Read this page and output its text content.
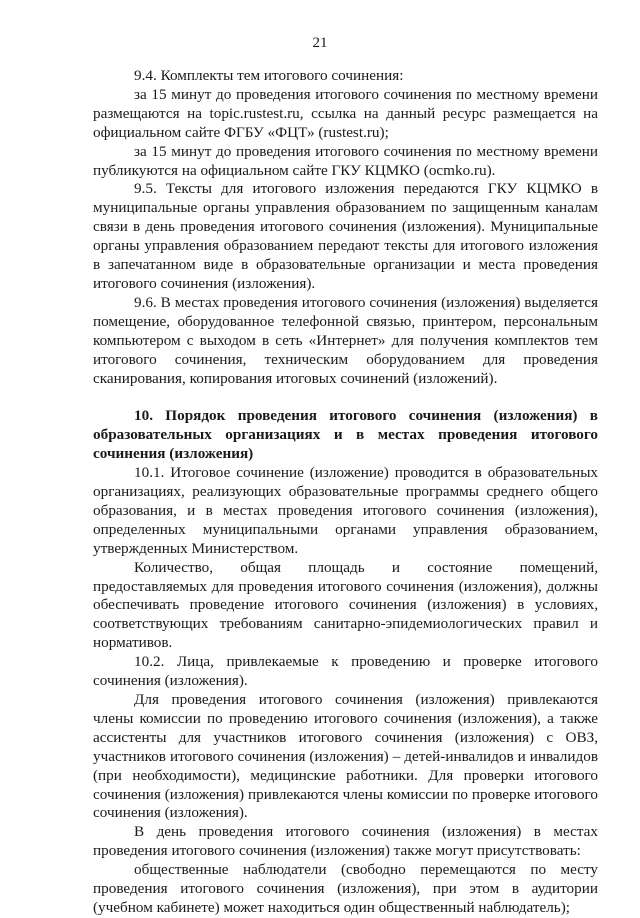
21

9.4. Комплекты тем итогового сочинения:

за 15 минут до проведения итогового сочинения по местному времени размещаются на topic.rustest.ru, ссылка на данный ресурс размещается на официальном сайте ФГБУ «ФЦТ» (rustest.ru);

за 15 минут до проведения итогового сочинения по местному времени публикуются на официальном сайте ГКУ КЦМКО (ocmko.ru).

9.5. Тексты для итогового изложения передаются ГКУ КЦМКО в муниципальные органы управления образованием по защищенным каналам связи в день проведения итогового сочинения (изложения). Муниципальные органы управления образованием передают тексты для итогового изложения в запечатанном виде в образовательные организации и места проведения итогового сочинения (изложения).

9.6. В местах проведения итогового сочинения (изложения) выделяется помещение, оборудованное телефонной связью, принтером, персональным компьютером с выходом в сеть «Интернет» для получения комплектов тем итогового сочинения, техническим оборудованием для проведения сканирования, копирования итоговых сочинений (изложений).

10. Порядок проведения итогового сочинения (изложения) в образовательных организациях и в местах проведения итогового сочинения (изложения)

10.1. Итоговое сочинение (изложение) проводится в образовательных организациях, реализующих образовательные программы среднего общего образования, и в местах проведения итогового сочинения (изложения), определенных муниципальными органами управления образованием, утвержденных Министерством.

Количество, общая площадь и состояние помещений, предоставляемых для проведения итогового сочинения (изложения), должны обеспечивать проведение итогового сочинения (изложения) в условиях, соответствующих требованиям санитарно-эпидемиологических правил и нормативов.

10.2. Лица, привлекаемые к проведению и проверке итогового сочинения (изложения).

Для проведения итогового сочинения (изложения) привлекаются члены комиссии по проведению итогового сочинения (изложения), а также ассистенты для участников итогового сочинения (изложения) с ОВЗ, участников итогового сочинения (изложения) – детей-инвалидов и инвалидов (при необходимости), медицинские работники. Для проверки итогового сочинения (изложения) привлекаются члены комиссии по проверке итогового сочинения (изложения).

В день проведения итогового сочинения (изложения) в местах проведения итогового сочинения (изложения) также могут присутствовать:

общественные наблюдатели (свободно перемещаются по месту проведения итогового сочинения (изложения), при этом в аудитории (учебном кабинете) может находиться один общественный наблюдатель);
